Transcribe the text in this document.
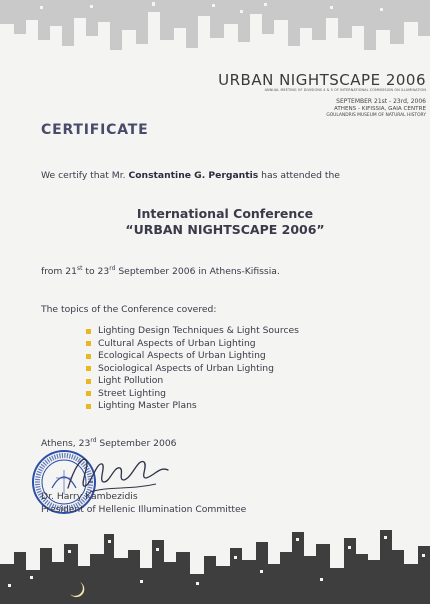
URBAN NIGHTSCAPE 2006
ANNUAL MEETING OF DIVISIONS 4 & 5 OF INTERNATIONAL COMMISSION ON ILLUMINATION
SEPTEMBER 21st - 23rd, 2006
ATHENS - KIFISSIA, GAIA CENTRE
GOULANDRIS MUSEUM OF NATURAL HISTORY
CERTIFICATE
We certify that Mr. Constantine G. Pergantis has attended the
International Conference
“URBAN NIGHTSCAPE 2006”
from 21st to 23rd September 2006 in Athens-Kifissia.
The topics of the Conference covered:
Lighting Design Techniques & Light Sources
Cultural Aspects of Urban Lighting
Ecological Aspects of Urban Lighting
Sociological Aspects of Urban Lighting
Light Pollution
Street Lighting
Lighting Master Plans
Athens, 23rd September 2006
Dr. Harry Kambezidis
President of Hellenic Illumination Committee
